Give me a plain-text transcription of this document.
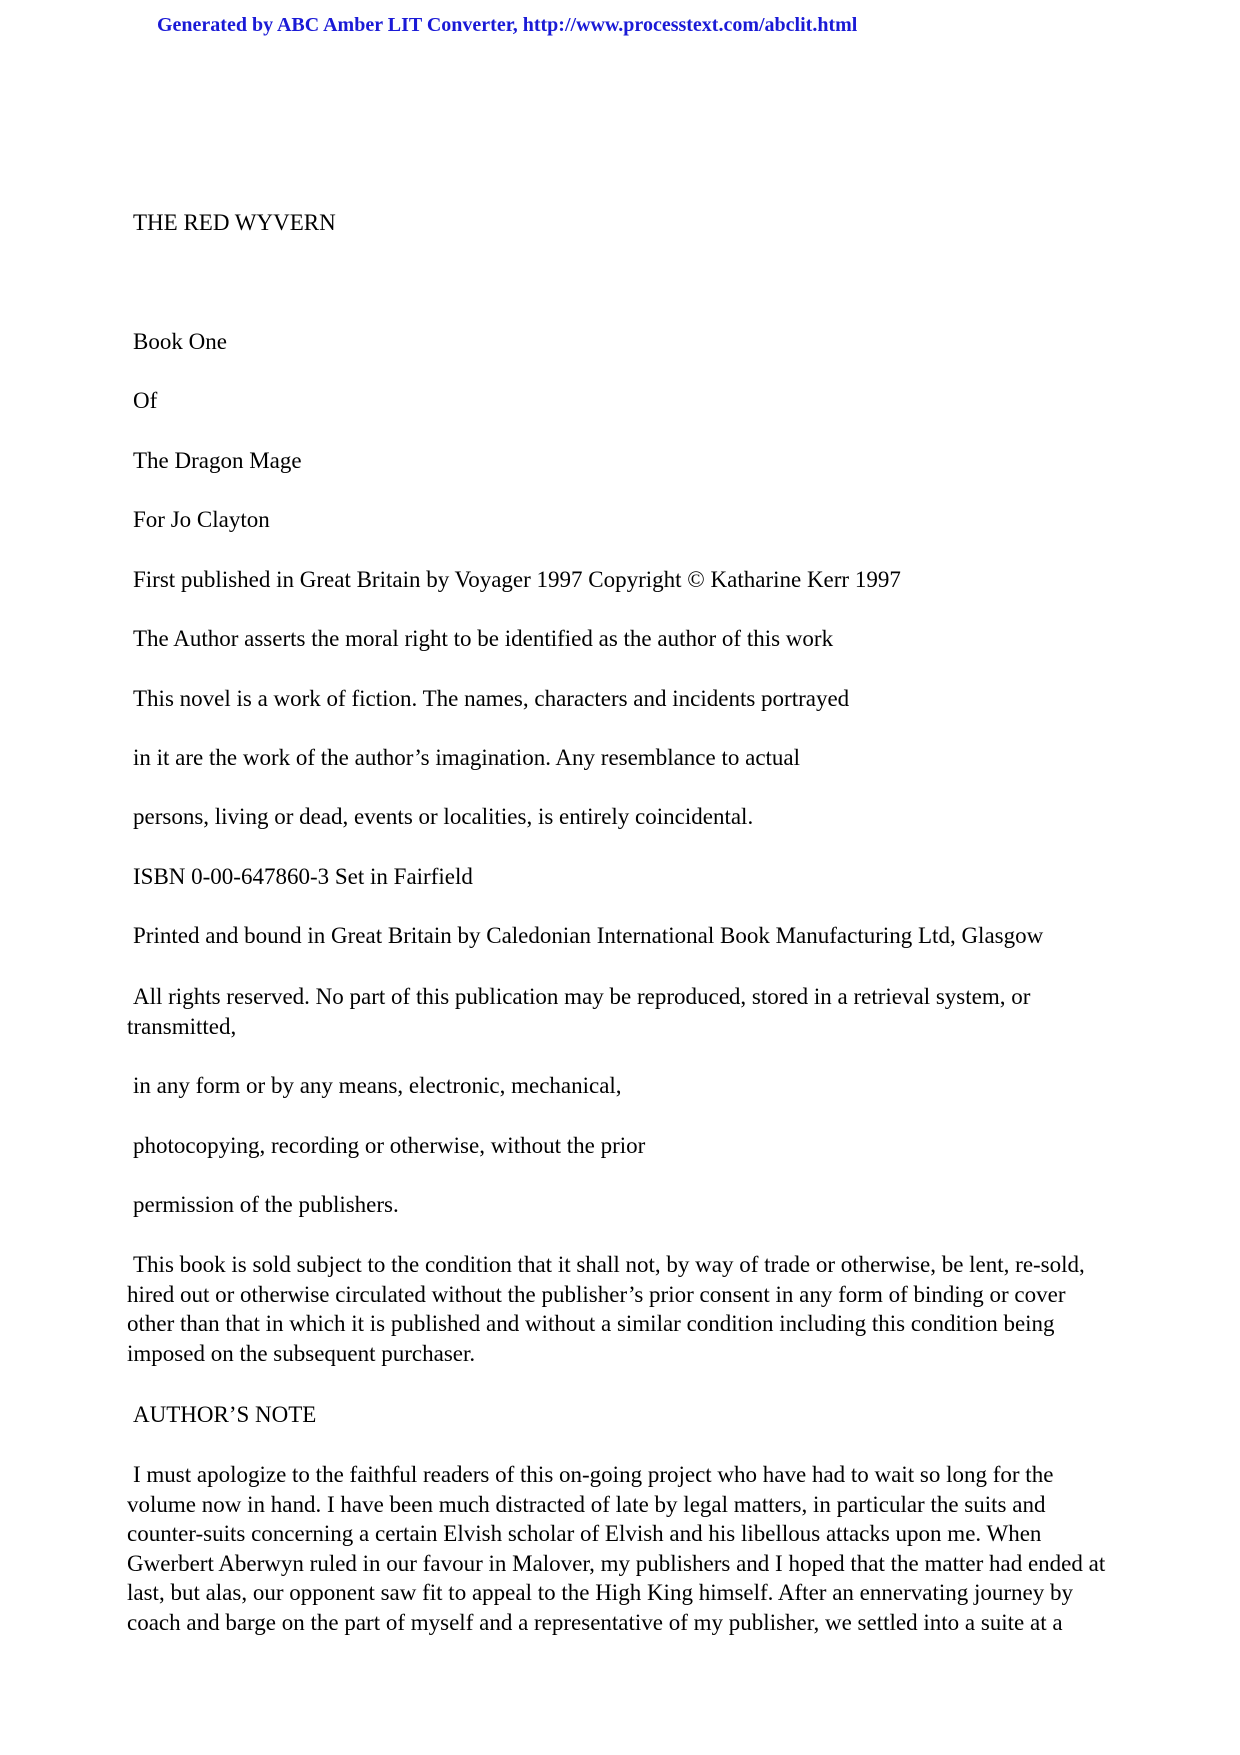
Generated by ABC Amber LIT Converter, http://www.processtext.com/abclit.html
THE RED WYVERN
Book One
Of
The Dragon Mage
For Jo Clayton
First published in Great Britain by Voyager 1997 Copyright © Katharine Kerr 1997
The Author asserts the moral right to be identified as the author of this work
This novel is a work of fiction. The names, characters and incidents portrayed
in it are the work of the author’s imagination. Any resemblance to actual
persons, living or dead, events or localities, is entirely coincidental.
ISBN 0-00-647860-3 Set in Fairfield
Printed and bound in Great Britain by Caledonian International Book Manufacturing Ltd, Glasgow
All rights reserved. No part of this publication may be reproduced, stored in a retrieval system, or transmitted,
in any form or by any means, electronic, mechanical,
photocopying, recording or otherwise, without the prior
permission of the publishers.
This book is sold subject to the condition that it shall not, by way of trade or otherwise, be lent, re-sold, hired out or otherwise circulated without the publisher’s prior consent in any form of binding or cover other than that in which it is published and without a similar condition including this condition being imposed on the subsequent purchaser.
AUTHOR’S NOTE
I must apologize to the faithful readers of this on-going project who have had to wait so long for the volume now in hand. I have been much distracted of late by legal matters, in particular the suits and counter-suits concerning a certain Elvish scholar of Elvish and his libellous attacks upon me. When Gwerbert Aberwyn ruled in our favour in Malover, my publishers and I hoped that the matter had ended at last, but alas, our opponent saw fit to appeal to the High King himself. After an ennervating journey by coach and barge on the part of myself and a representative of my publisher, we settled into a suite at a
